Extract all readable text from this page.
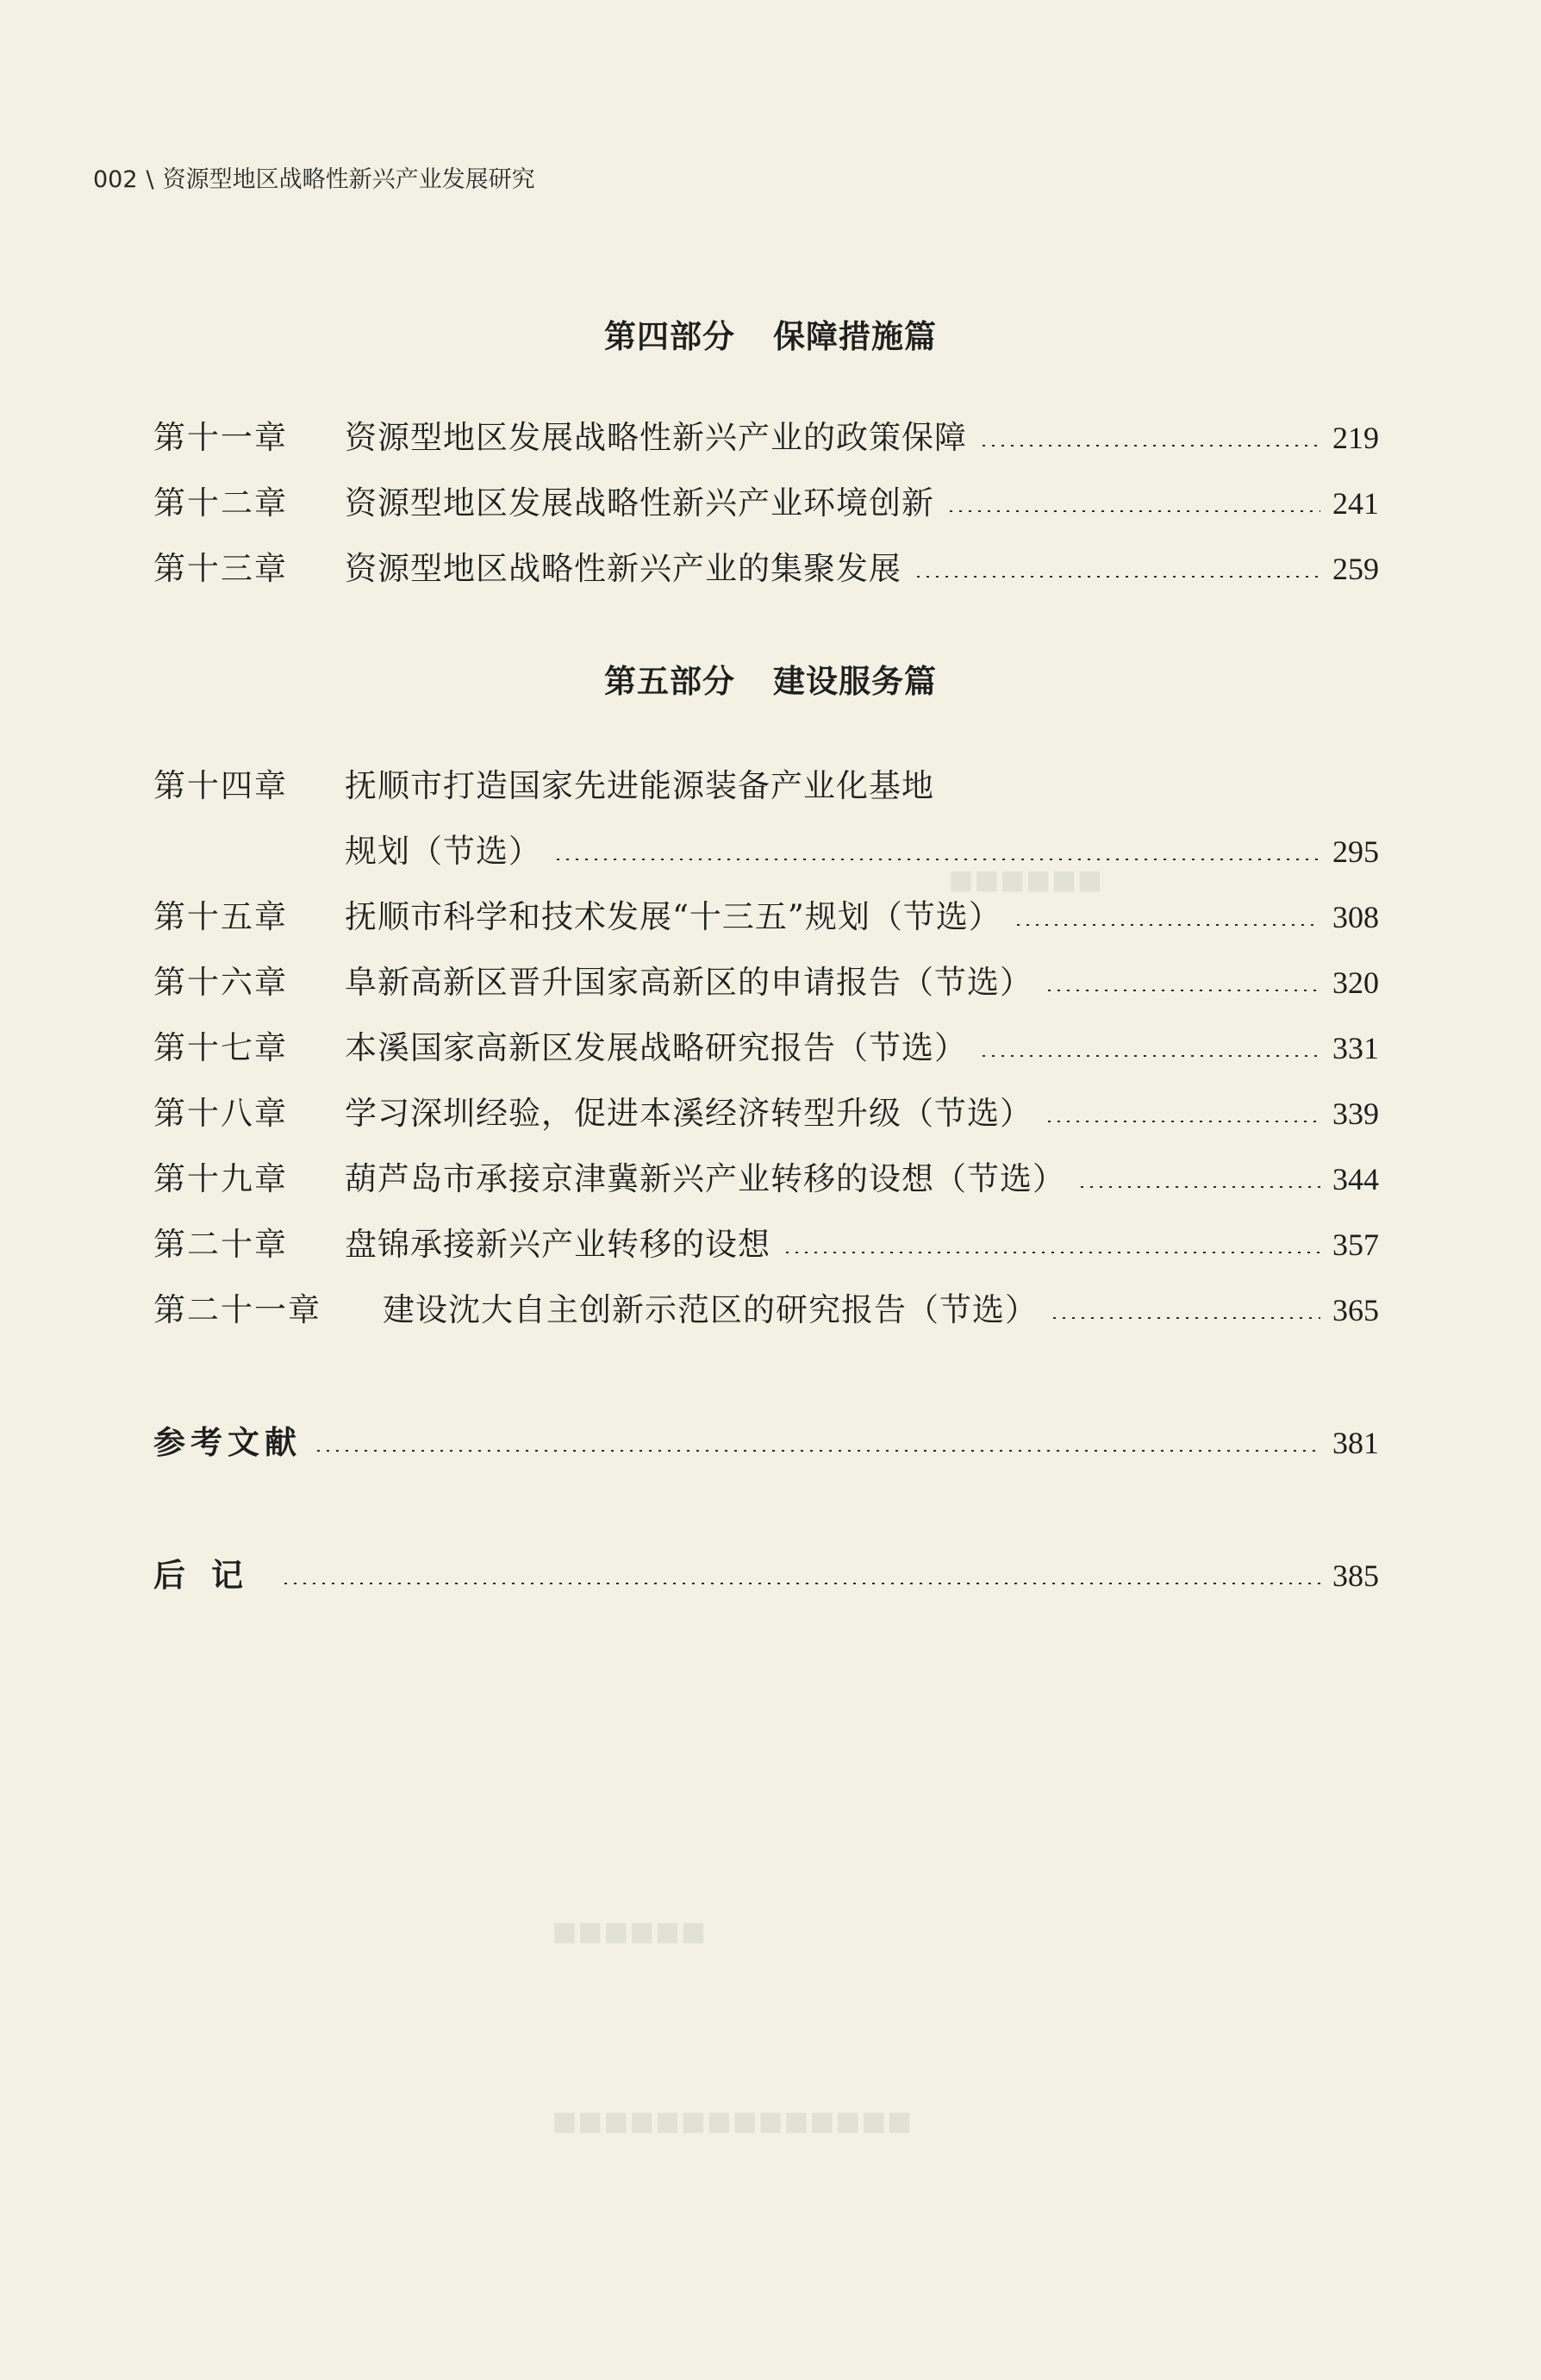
002 \ 资源型地区战略性新兴产业发展研究
◼◼◼◼◼◼
◼◼◼◼◼◼
◼◼◼◼◼◼◼◼◼◼◼◼◼◼
第四部分 保障措施篇
第十一章	资源型地区发展战略性新兴产业的政策保障	219
第十二章	资源型地区发展战略性新兴产业环境创新	241
第十三章	资源型地区战略性新兴产业的集聚发展	259
第五部分 建设服务篇
第十四章	抚顺市打造国家先进能源装备产业化基地
规划（节选）	295
第十五章	抚顺市科学和技术发展“十三五”规划（节选）	308
第十六章	阜新高新区晋升国家高新区的申请报告（节选）	320
第十七章	本溪国家高新区发展战略研究报告（节选）	331
第十八章	学习深圳经验，促进本溪经济转型升级（节选）	339
第十九章	葫芦岛市承接京津冀新兴产业转移的设想（节选）	344
第二十章	盘锦承接新兴产业转移的设想	357
第二十一章	建设沈大自主创新示范区的研究报告（节选）	365
参考文献	381
后记	385
